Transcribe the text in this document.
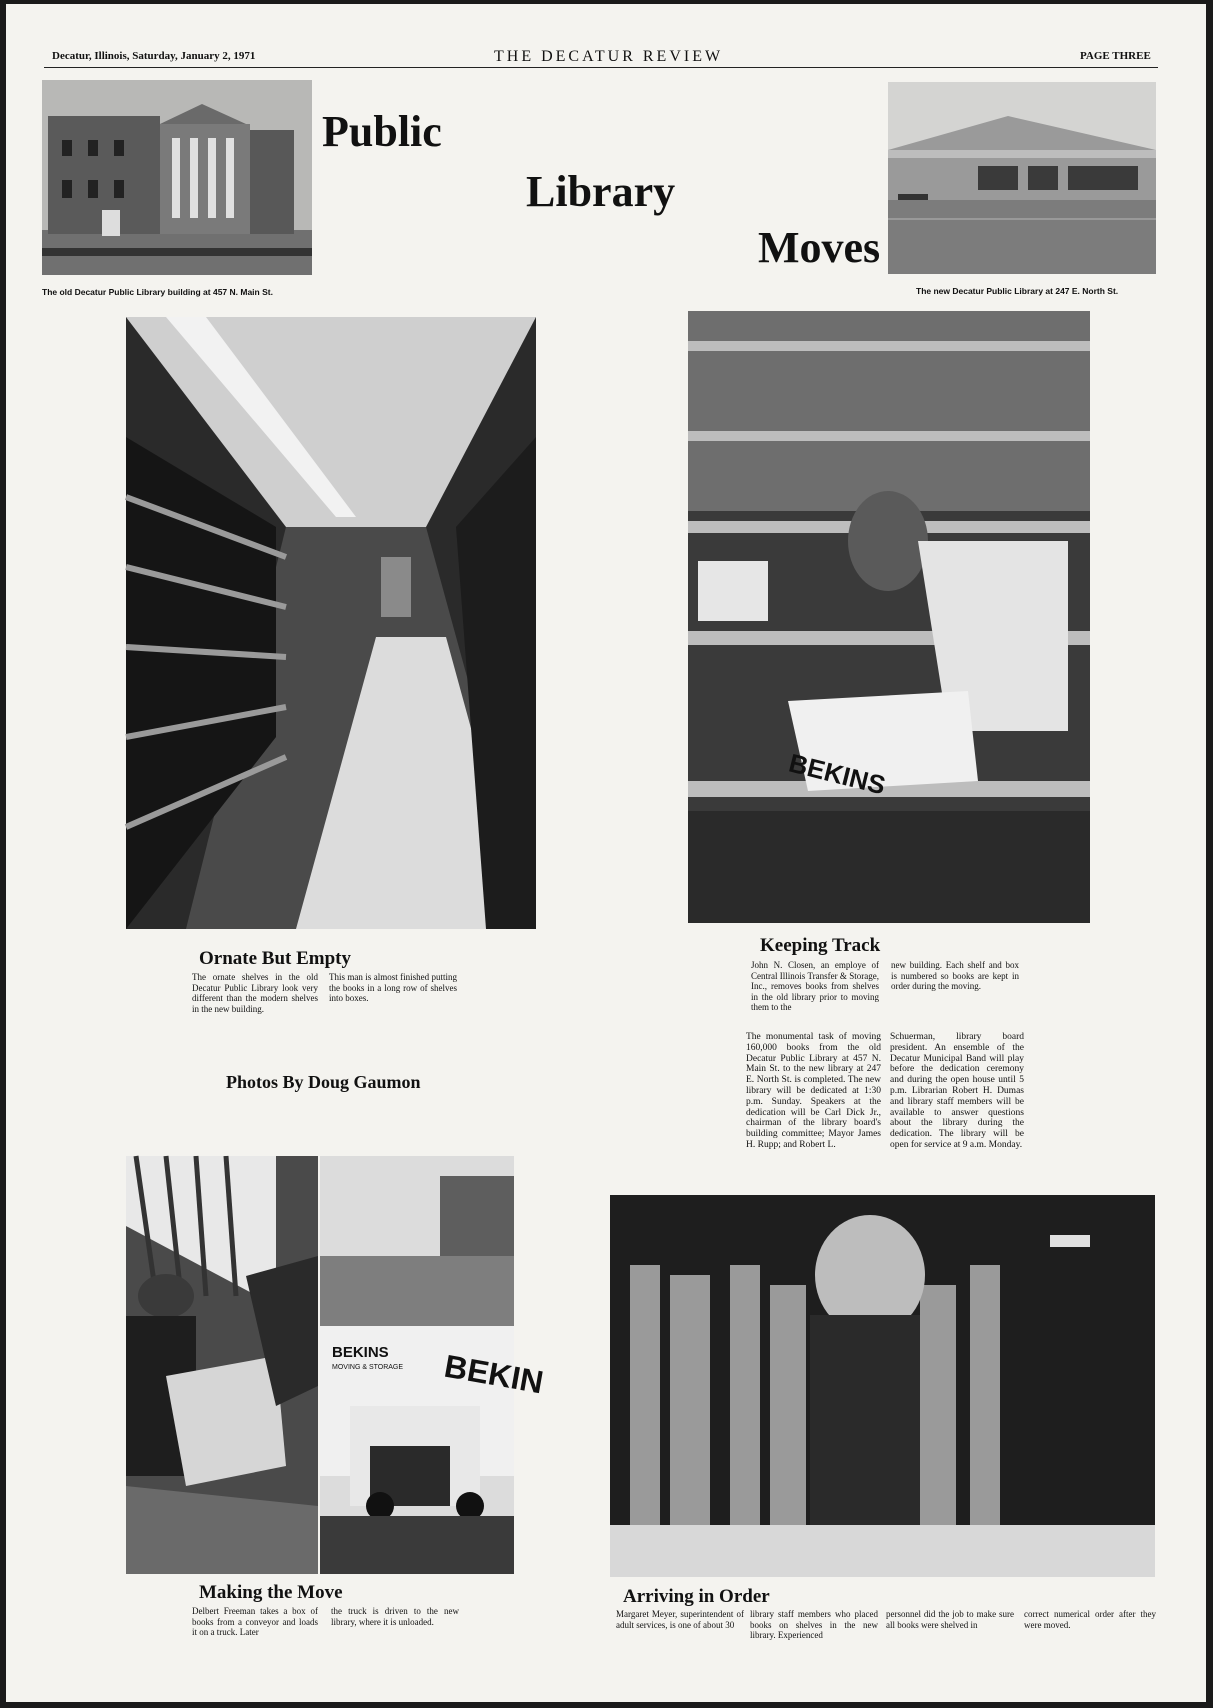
Decatur, Illinois, Saturday, January 2, 1971	THE DECATUR REVIEW	PAGE THREE
The old Decatur Public Library building at 457 N. Main St.
Public
Library
Moves
The new Decatur Public Library at 247 E. North St.
BEKINS
Ornate But Empty
The ornate shelves in the old Decatur Public Library look very different than the modern shelves in the new building.
This man is almost finished putting the books in a long row of shelves into boxes.
Keeping Track
John N. Closen, an employe of Central Illinois Transfer & Storage, Inc., removes books from shelves in the old library prior to moving them to the
new building. Each shelf and box is numbered so books are kept in order during the moving.
Photos By Doug Gaumon
The monumental task of moving 160,000 books from the old Decatur Public Library at 457 N. Main St. to the new library at 247 E. North St. is completed. The new library will be dedicated at 1:30 p.m. Sunday. Speakers at the dedication will be Carl Dick Jr., chairman of the library board's building committee; Mayor James H. Rupp; and Robert L.
Schuerman, library board president. An ensemble of the Decatur Municipal Band will play before the dedication ceremony and during the open house until 5 p.m. Librarian Robert H. Dumas and library staff members will be available to answer questions about the library during the dedication. The library will be open for service at 9 a.m. Monday.
BEKINS
MOVING & STORAGE BEKIN
Making the Move
Delbert Freeman takes a box of books from a conveyor and loads it on a truck. Later
the truck is driven to the new library, where it is unloaded.
Arriving in Order
Margaret Meyer, superintendent of adult services, is one of about 30
library staff members who placed books on shelves in the new library. Experienced
personnel did the job to make sure all books were shelved in
correct numerical order after they were moved.
